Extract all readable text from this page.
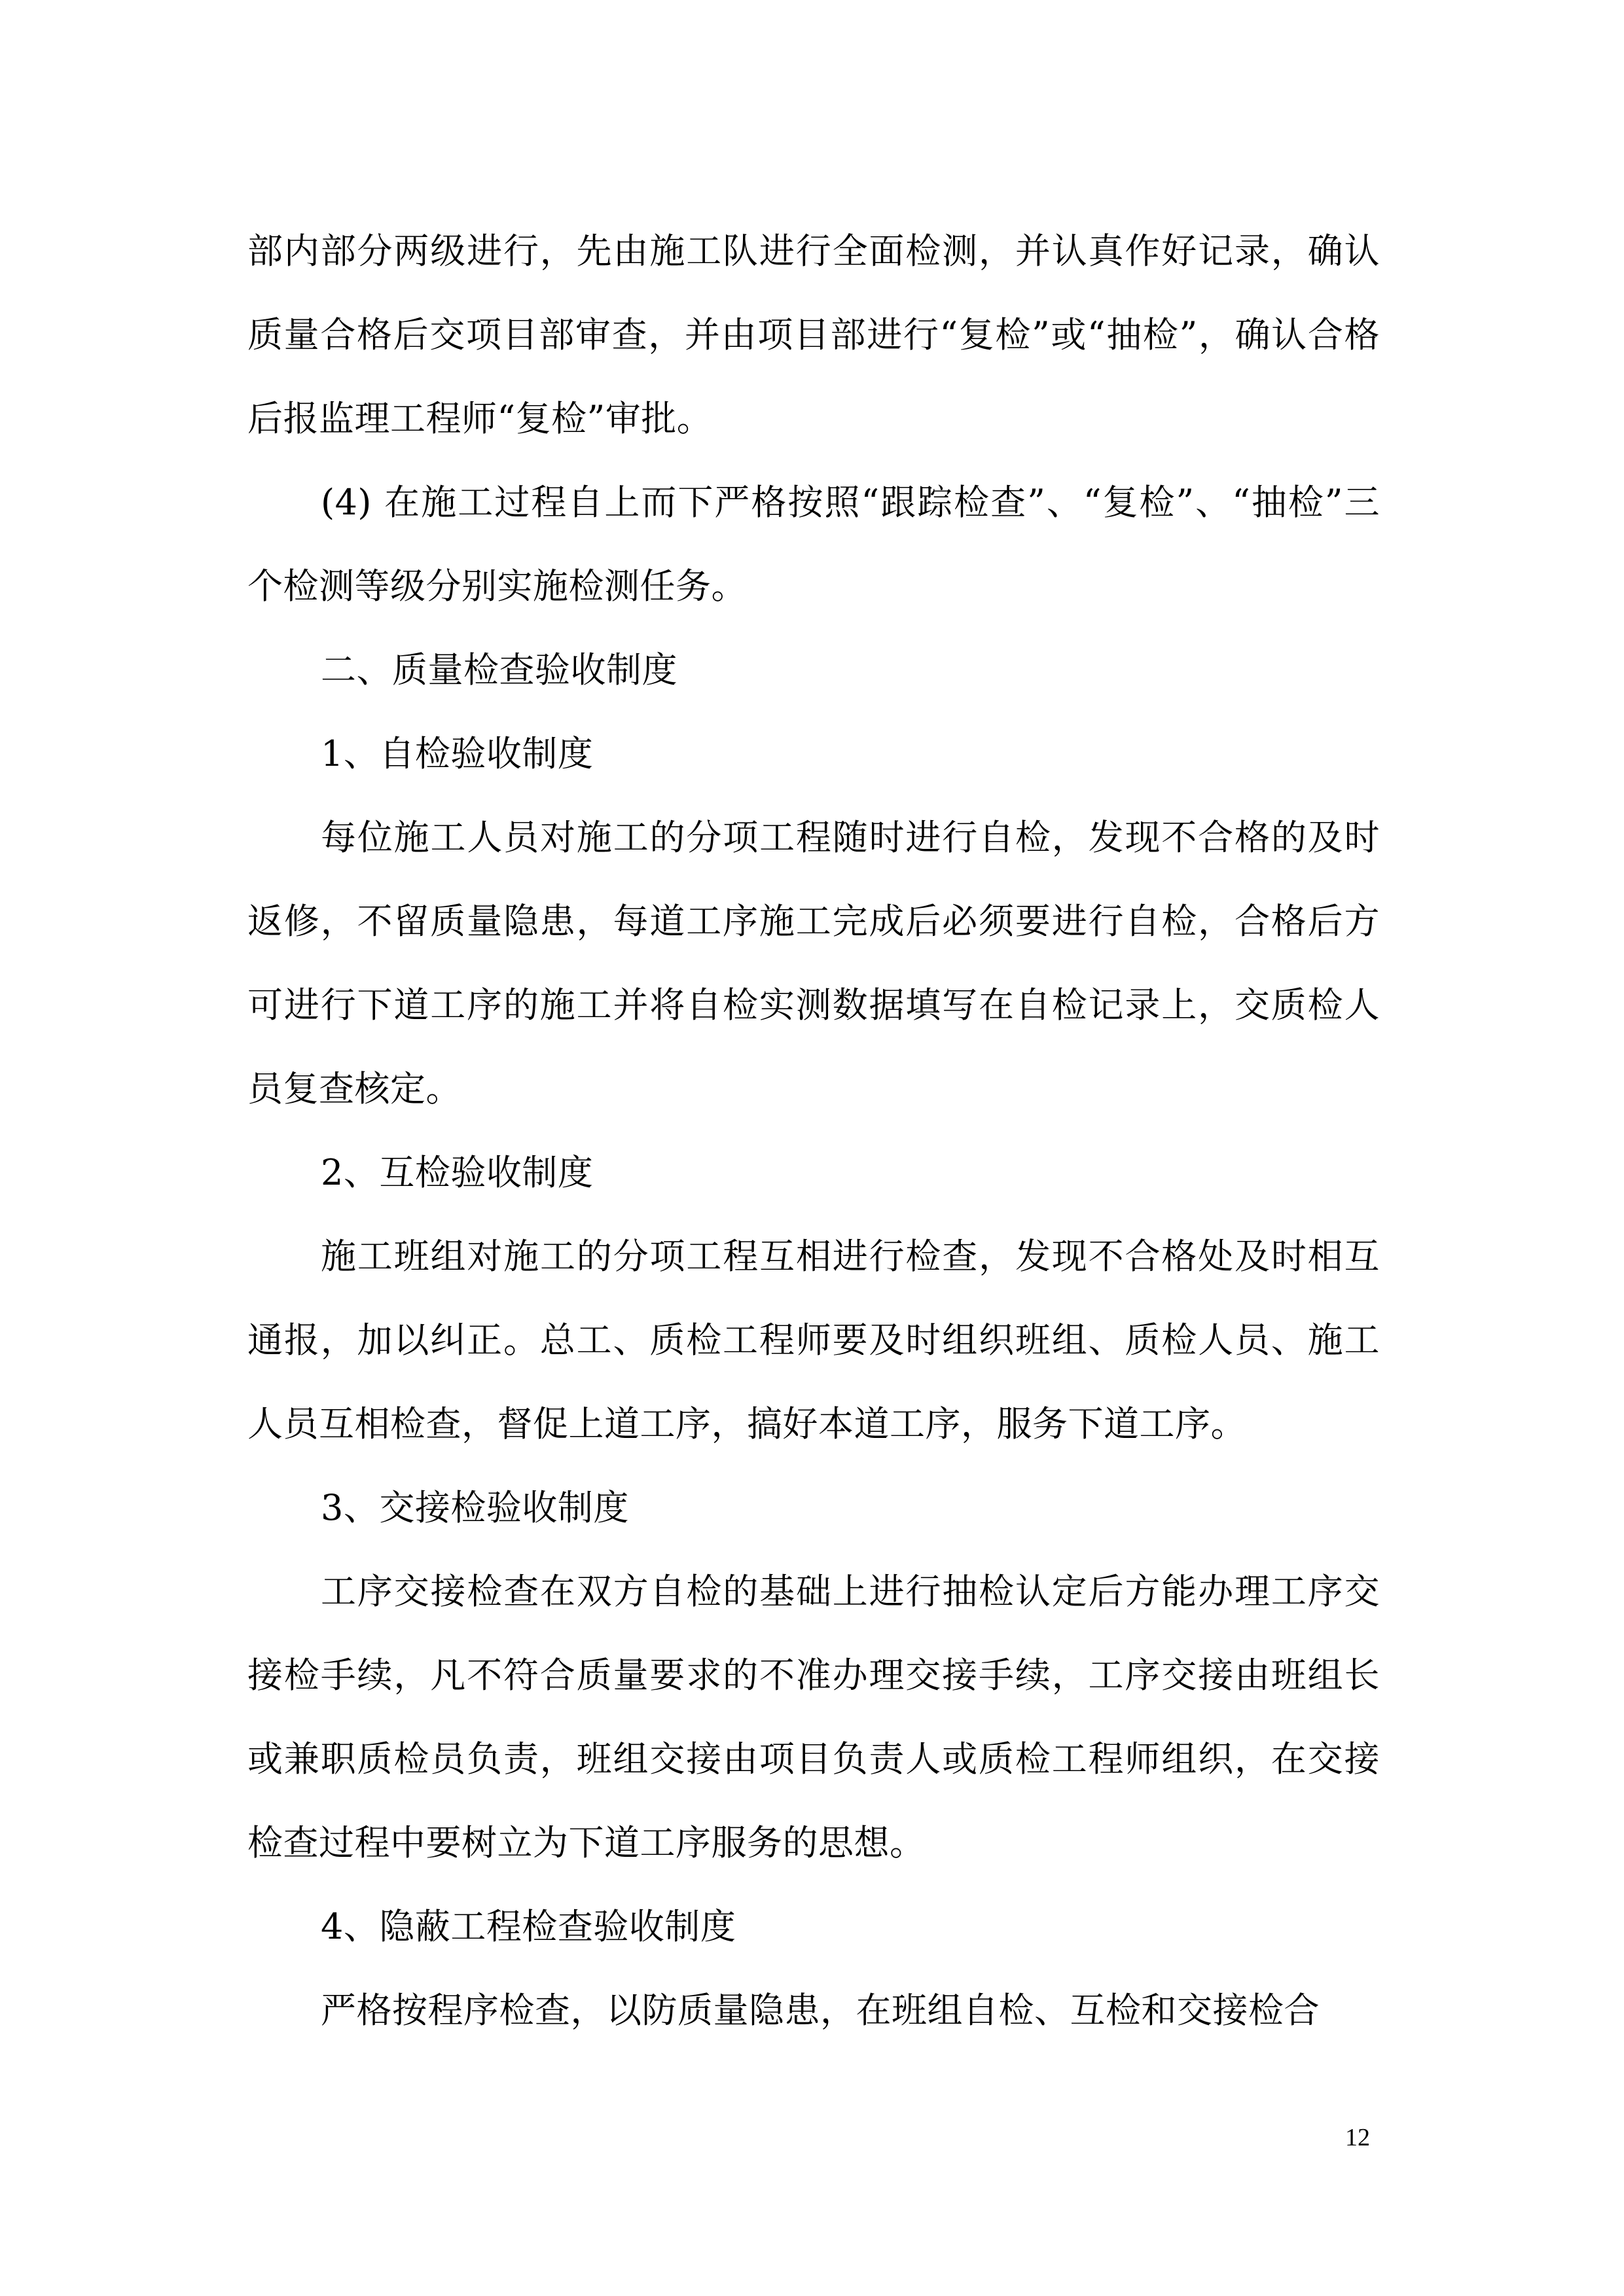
部内部分两级进行，先由施工队进行全面检测，并认真作好记录，确认质量合格后交项目部审查，并由项目部进行“复检”或“抽检”，确认合格后报监理工程师“复检”审批。

(4) 在施工过程自上而下严格按照“跟踪检查”、“复检”、“抽检”三个检测等级分别实施检测任务。

二、质量检查验收制度

1、自检验收制度

每位施工人员对施工的分项工程随时进行自检，发现不合格的及时返修，不留质量隐患，每道工序施工完成后必须要进行自检，合格后方可进行下道工序的施工并将自检实测数据填写在自检记录上，交质检人员复查核定。

2、互检验收制度

施工班组对施工的分项工程互相进行检查，发现不合格处及时相互通报，加以纠正。总工、质检工程师要及时组织班组、质检人员、施工人员互相检查，督促上道工序，搞好本道工序，服务下道工序。

3、交接检验收制度

工序交接检查在双方自检的基础上进行抽检认定后方能办理工序交接检手续，凡不符合质量要求的不准办理交接手续，工序交接由班组长或兼职质检员负责，班组交接由项目负责人或质检工程师组织，在交接检查过程中要树立为下道工序服务的思想。

4、隐蔽工程检查验收制度

严格按程序检查，以防质量隐患，在班组自检、互检和交接检合

12
